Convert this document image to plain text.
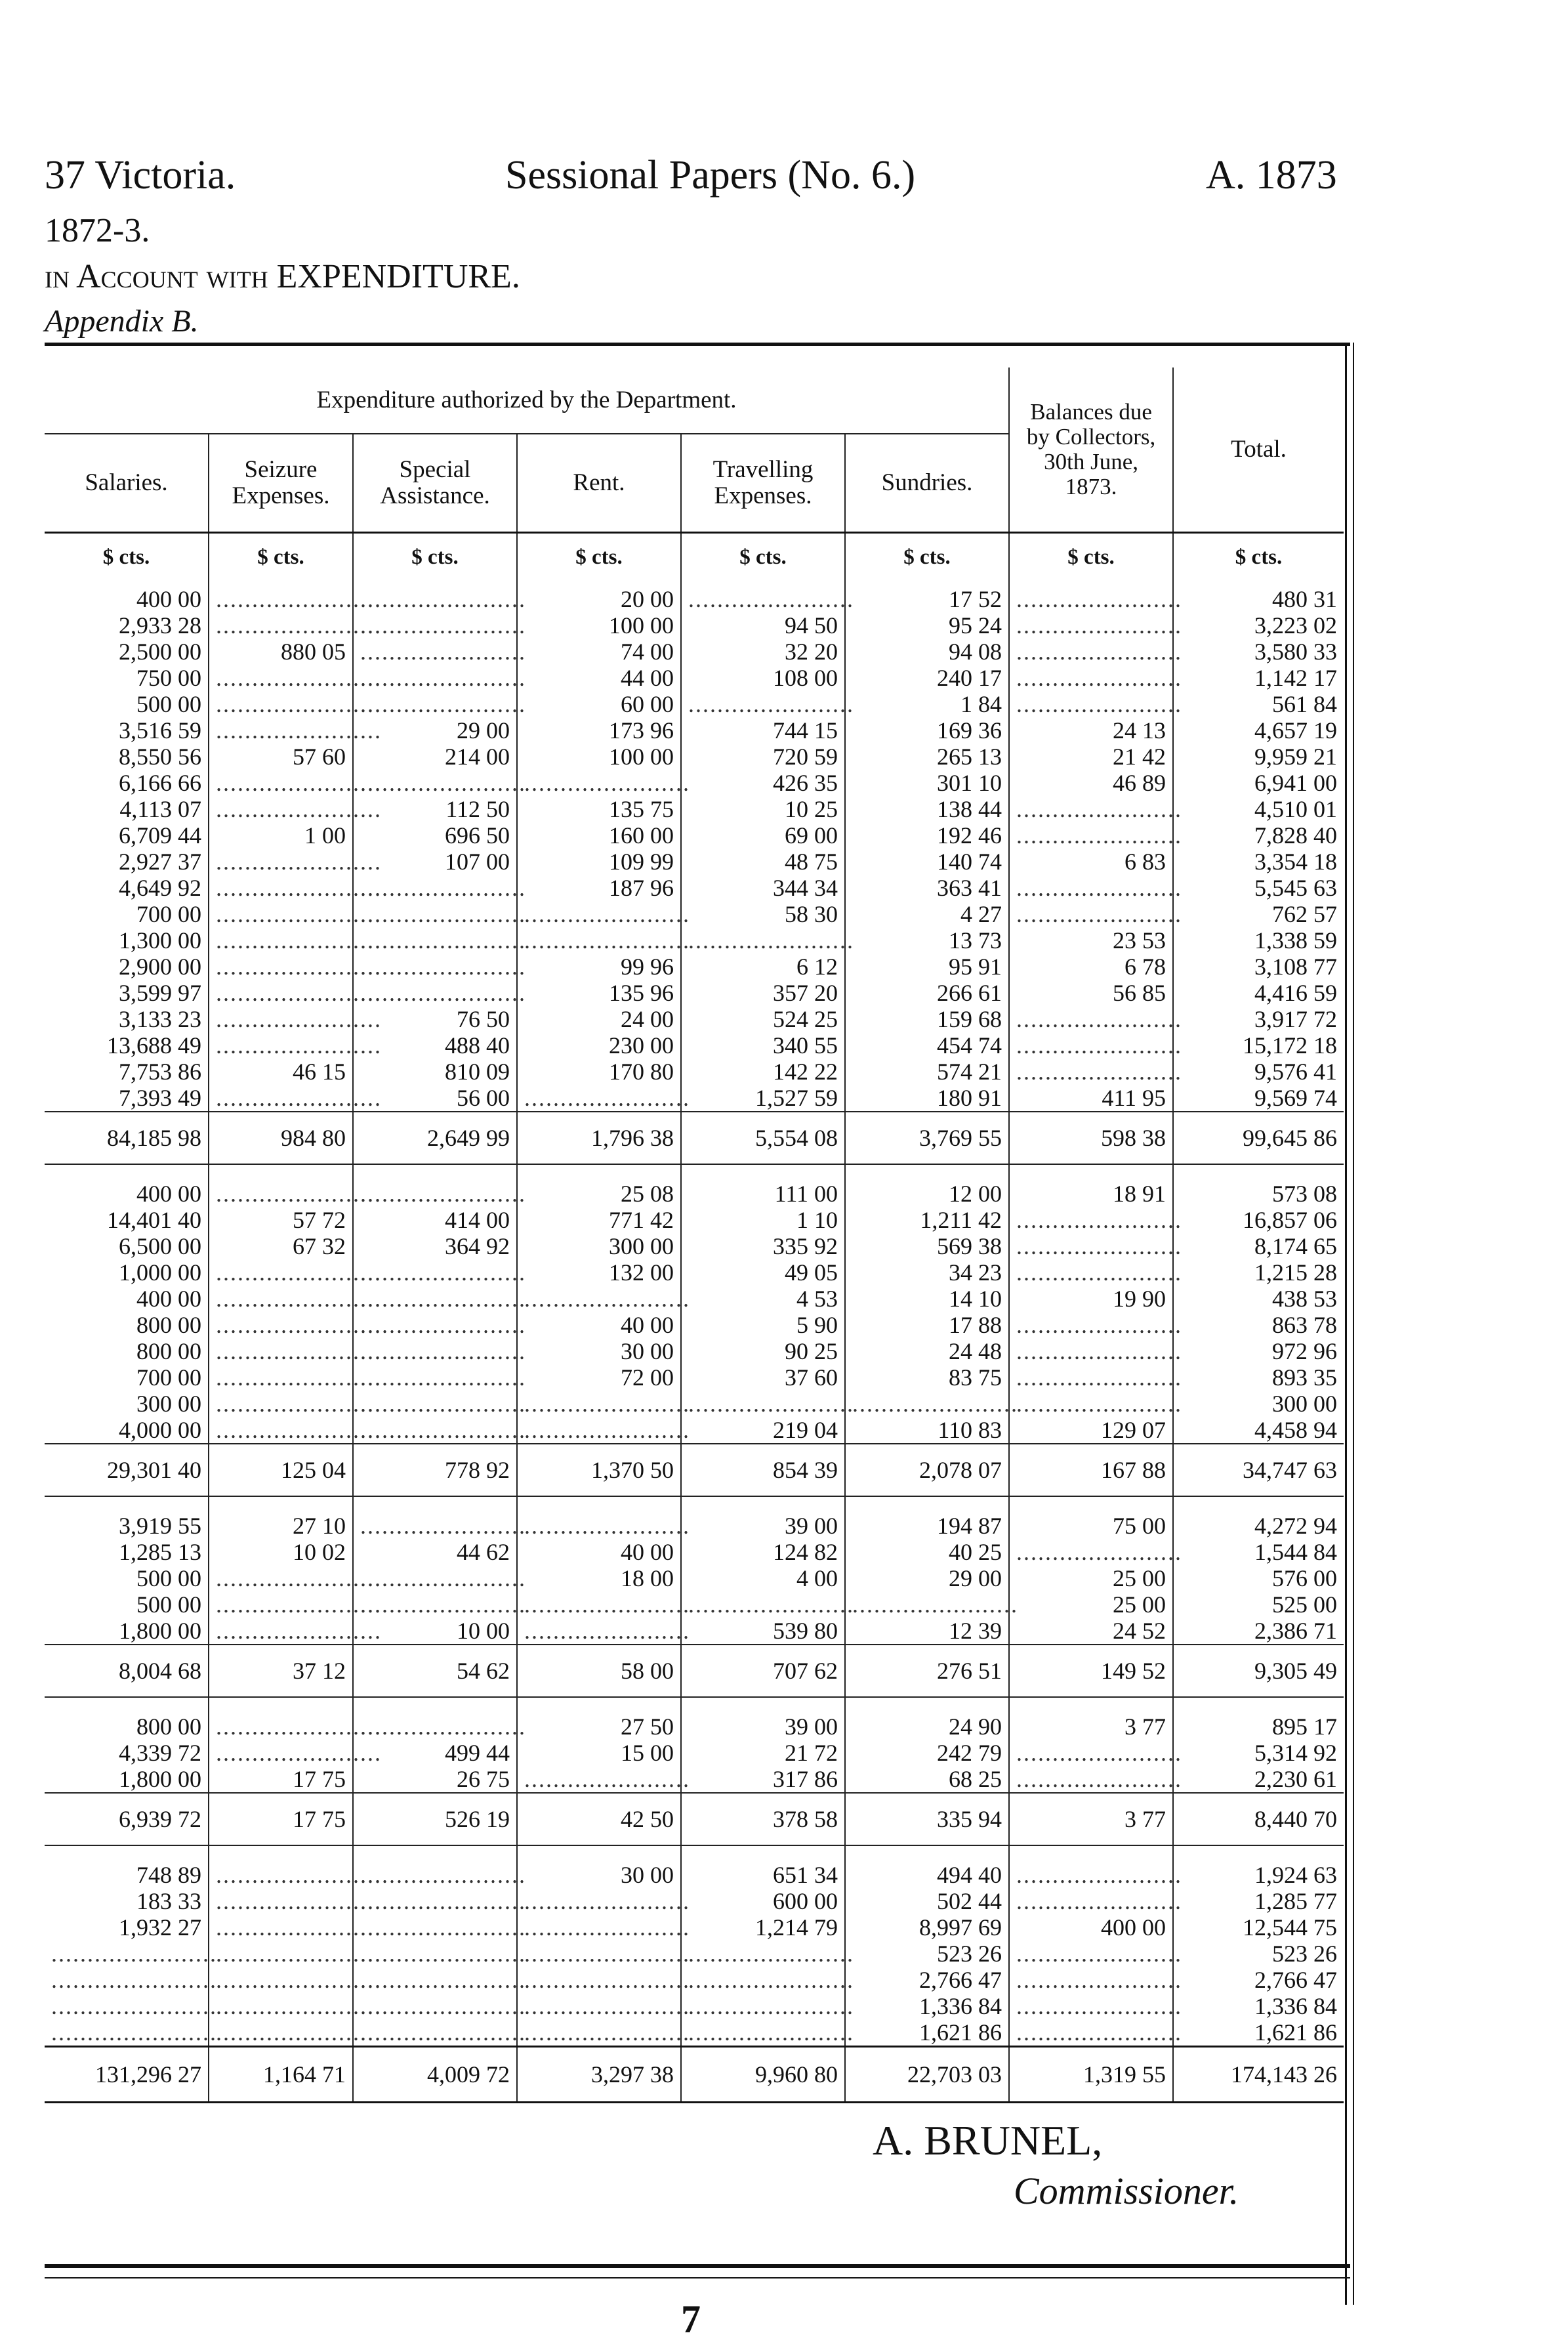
37 Victoria.	Sessional Papers (No. 6.)	A. 1873
1872-3.
in Account with EXPENDITURE.
Appendix B.
Expenditure authorized by the Department.						Balances due by Collectors, 30th June, 1873.	Total.
Salaries.	Seizure Expenses.	Special Assistance.	Rent.	Travelling Expenses.	Sundries.		
$ cts.	$ cts.	$ cts.	$ cts.	$ cts.	$ cts.	$ cts.	$ cts.

400 00	.......................	.......................	20 00	.......................	17 52	.......................	480 31
2,933 28	.......................	.......................	100 00	94 50	95 24	.......................	3,223 02
2,500 00	880 05	.......................	74 00	32 20	94 08	.......................	3,580 33
750 00	.......................	.......................	44 00	108 00	240 17	.......................	1,142 17
500 00	.......................	.......................	60 00	.......................	1 84	.......................	561 84
3,516 59	.......................	29 00	173 96	744 15	169 36	24 13	4,657 19
8,550 56	57 60	214 00	100 00	720 59	265 13	21 42	9,959 21
6,166 66	.......................	.......................	.......................	426 35	301 10	46 89	6,941 00
4,113 07	.......................	112 50	135 75	10 25	138 44	.......................	4,510 01
6,709 44	1 00	696 50	160 00	69 00	192 46	.......................	7,828 40
2,927 37	.......................	107 00	109 99	48 75	140 74	6 83	3,354 18
4,649 92	.......................	.......................	187 96	344 34	363 41	.......................	5,545 63
700 00	.......................	.......................	.......................	58 30	4 27	.......................	762 57
1,300 00	.......................	.......................	.......................	.......................	13 73	23 53	1,338 59
2,900 00	.......................	.......................	99 96	6 12	95 91	6 78	3,108 77
3,599 97	.......................	.......................	135 96	357 20	266 61	56 85	4,416 59
3,133 23	.......................	76 50	24 00	524 25	159 68	.......................	3,917 72
13,688 49	.......................	488 40	230 00	340 55	454 74	.......................	15,172 18
7,753 86	46 15	810 09	170 80	142 22	574 21	.......................	9,576 41
7,393 49	.......................	56 00	.......................	1,527 59	180 91	411 95	9,569 74
84,185 98	984 80	2,649 99	1,796 38	5,554 08	3,769 55	598 38	99,645 86

400 00	.......................	.......................	25 08	111 00	12 00	18 91	573 08
14,401 40	57 72	414 00	771 42	1 10	1,211 42	.......................	16,857 06
6,500 00	67 32	364 92	300 00	335 92	569 38	.......................	8,174 65
1,000 00	.......................	.......................	132 00	49 05	34 23	.......................	1,215 28
400 00	.......................	.......................	.......................	4 53	14 10	19 90	438 53
800 00	.......................	.......................	40 00	5 90	17 88	.......................	863 78
800 00	.......................	.......................	30 00	90 25	24 48	.......................	972 96
700 00	.......................	.......................	72 00	37 60	83 75	.......................	893 35
300 00	.......................	.......................	.......................	.......................	.......................	.......................	300 00
4,000 00	.......................	.......................	.......................	219 04	110 83	129 07	4,458 94
29,301 40	125 04	778 92	1,370 50	854 39	2,078 07	167 88	34,747 63

3,919 55	27 10	.......................	.......................	39 00	194 87	75 00	4,272 94
1,285 13	10 02	44 62	40 00	124 82	40 25	.......................	1,544 84
500 00	.......................	.......................	18 00	4 00	29 00	25 00	576 00
500 00	.......................	.......................	.......................	.......................	.......................	25 00	525 00
1,800 00	.......................	10 00	.......................	539 80	12 39	24 52	2,386 71
8,004 68	37 12	54 62	58 00	707 62	276 51	149 52	9,305 49

800 00	.......................	.......................	27 50	39 00	24 90	3 77	895 17
4,339 72	.......................	499 44	15 00	21 72	242 79	.......................	5,314 92
1,800 00	17 75	26 75	.......................	317 86	68 25	.......................	2,230 61
6,939 72	17 75	526 19	42 50	378 58	335 94	3 77	8,440 70

748 89	.......................	.......................	30 00	651 34	494 40	.......................	1,924 63
183 33	.......................	.......................	.......................	600 00	502 44	.......................	1,285 77
1,932 27	.......................	.......................	.......................	1,214 79	8,997 69	400 00	12,544 75
.......................	.......................	.......................	.......................	.......................	523 26	.......................	523 26
.......................	.......................	.......................	.......................	.......................	2,766 47	.......................	2,766 47
.......................	.......................	.......................	.......................	.......................	1,336 84	.......................	1,336 84
.......................	.......................	.......................	.......................	.......................	1,621 86	.......................	1,621 86
131,296 27	1,164 71	4,009 72	3,297 38	9,960 80	22,703 03	1,319 55	174,143 26
A. BRUNEL,
Commissioner.
7
